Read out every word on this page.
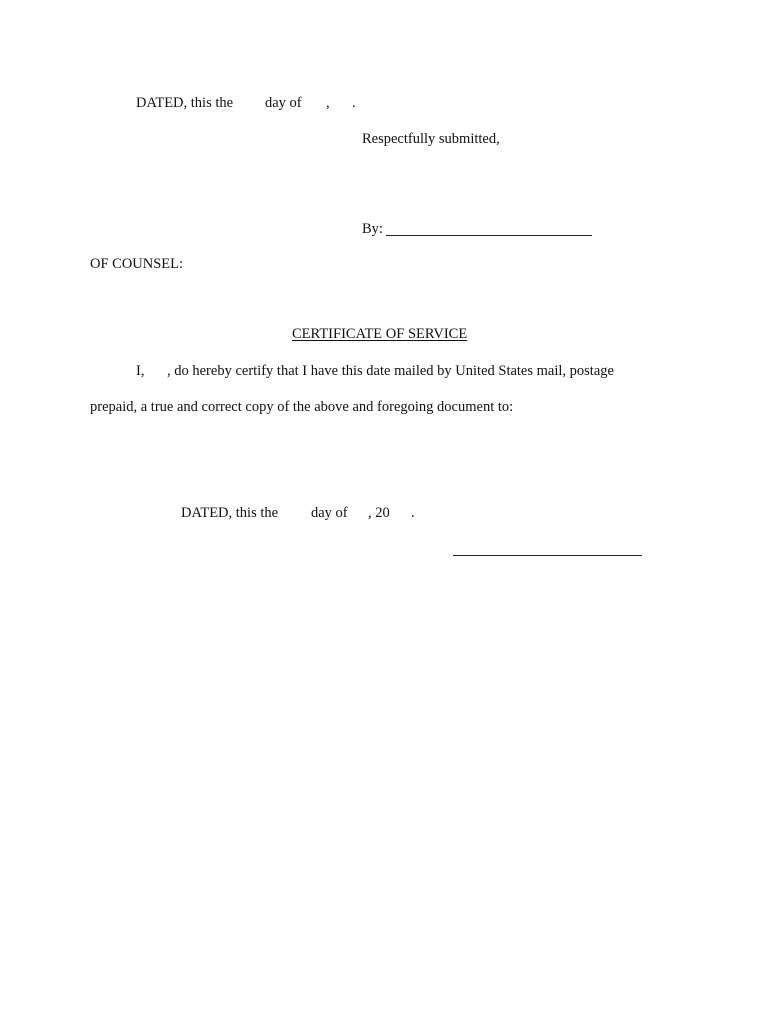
DATED, this the day of , .
Respectfully submitted,
By:
OF COUNSEL:
CERTIFICATE OF SERVICE
I, , do hereby certify that I have this date mailed by United States mail, postage
prepaid, a true and correct copy of the above and foregoing document to:
DATED, this the day of , 20 .
